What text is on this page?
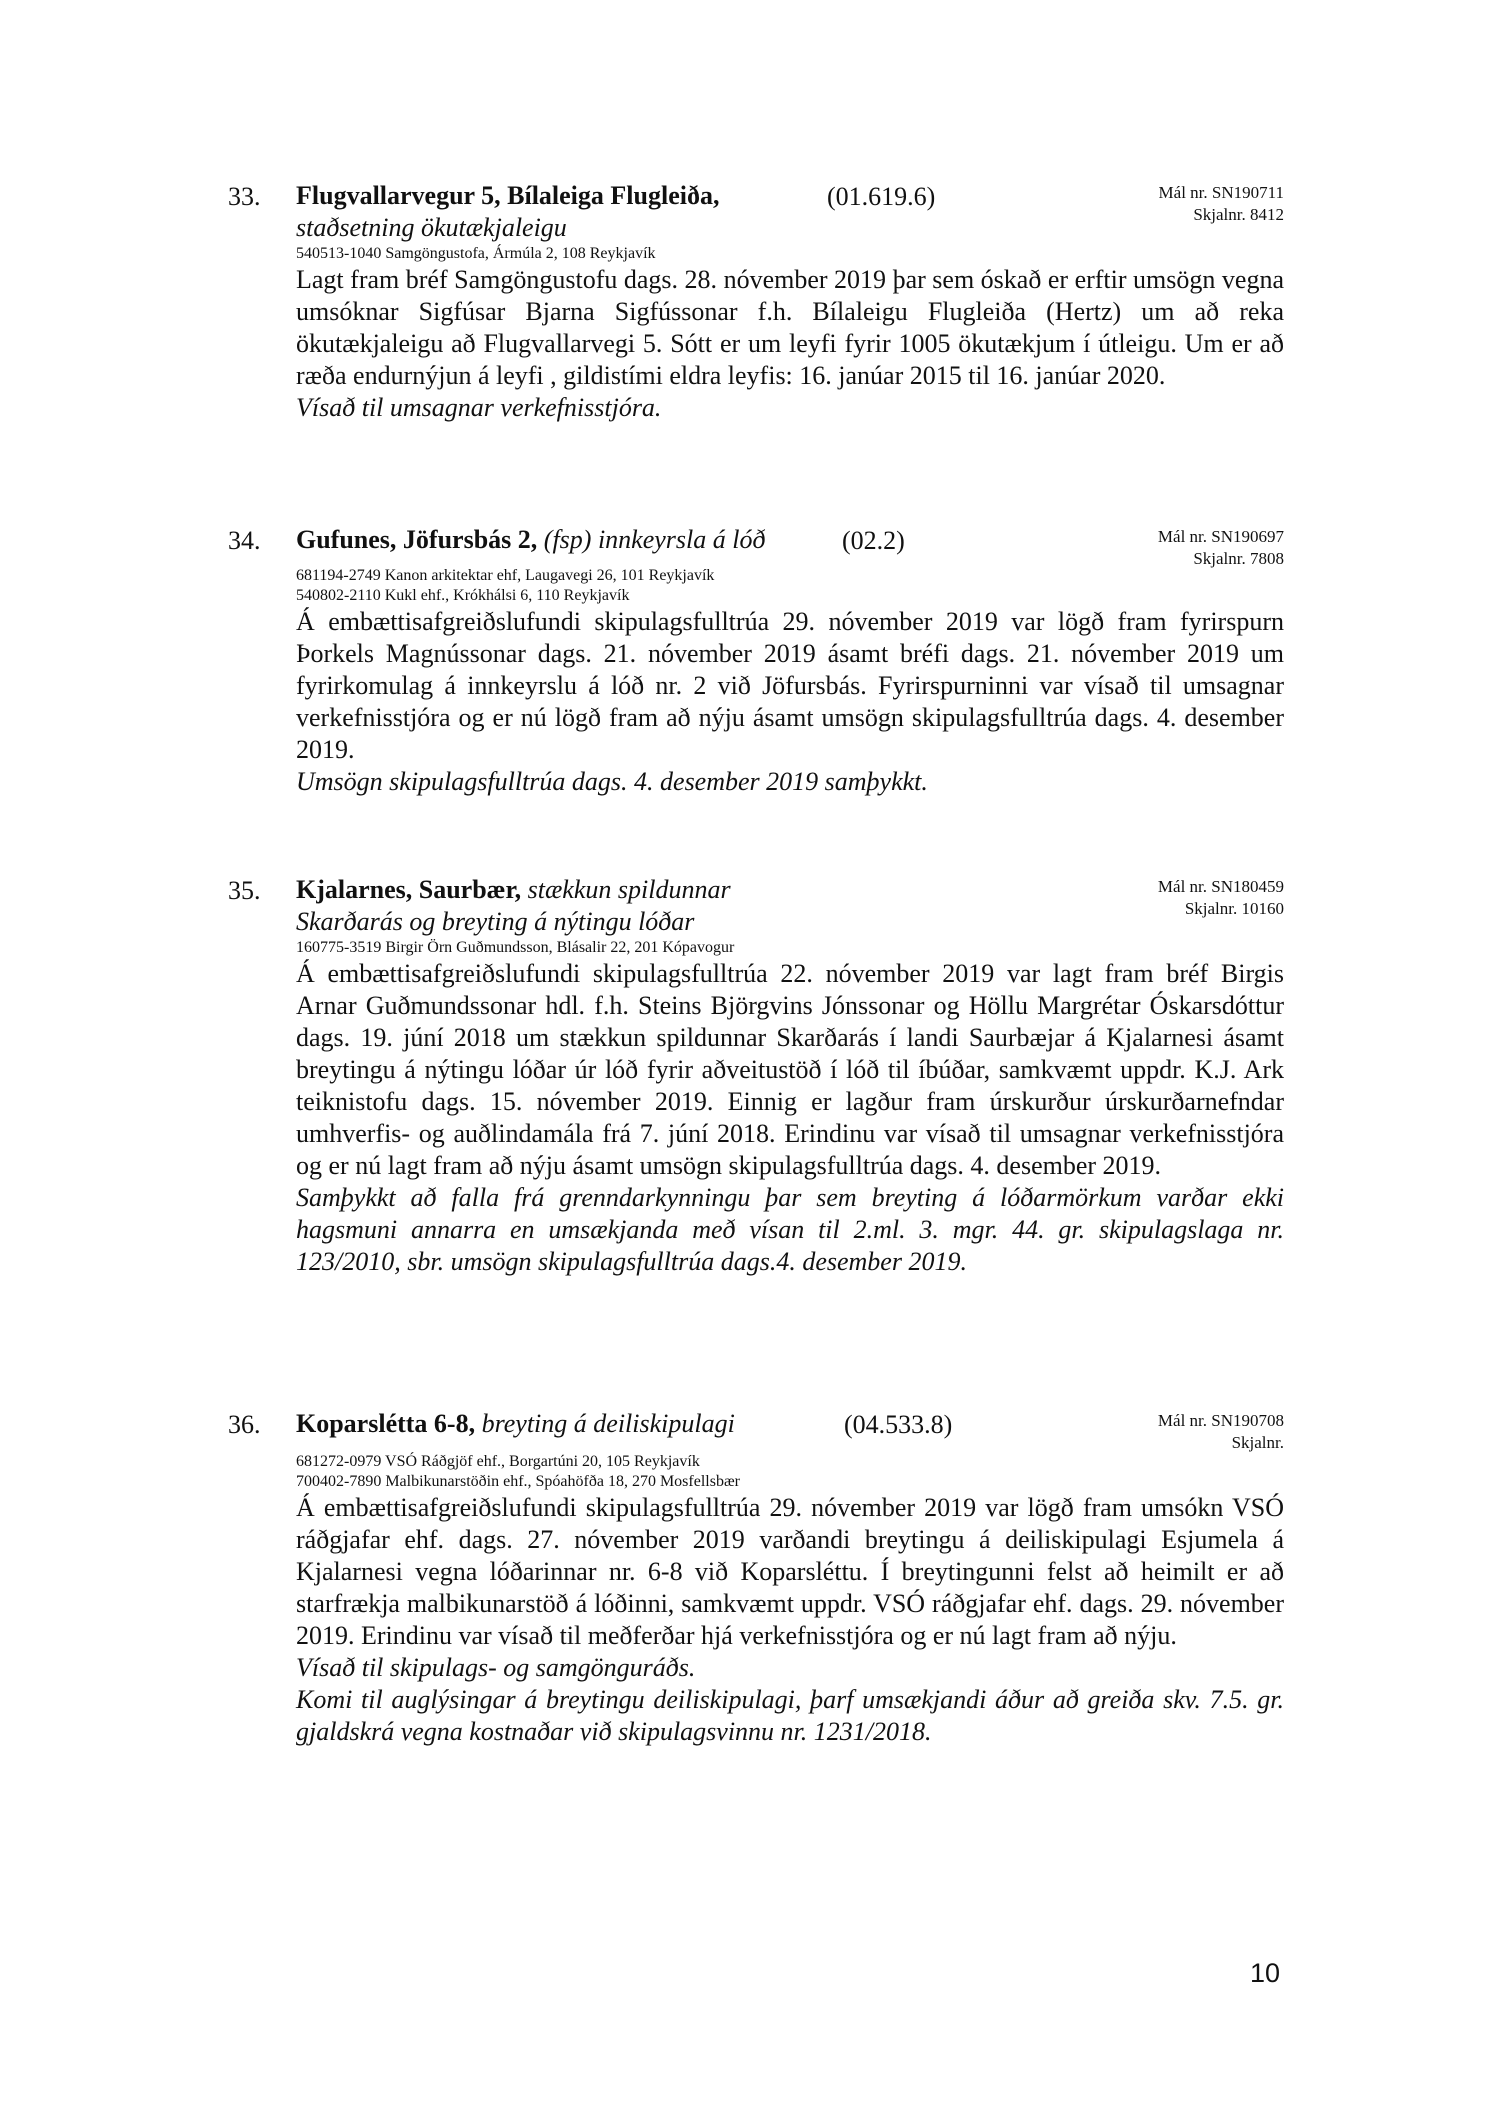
33. Flugvallarvegur 5, Bílaleiga Flugleiða,	(01.619.6)	Mál nr. SN190711
Skjalnr. 8412
staðsetning ökutækjaleigu
540513-1040 Samgöngustofa, Ármúla 2, 108 Reykjavík
Lagt fram bréf Samgöngustofu dags. 28. nóvember 2019 þar sem óskað er erftir umsögn vegna umsóknar Sigfúsar Bjarna Sigfússonar f.h. Bílaleigu Flugleiða (Hertz) um að reka ökutækjaleigu að Flugvallarvegi 5. Sótt er um leyfi fyrir 1005 ökutækjum í útleigu. Um er að ræða endurnýjun á leyfi , gildistími eldra leyfis: 16. janúar 2015 til 16. janúar 2020.
Vísað til umsagnar verkefnisstjóra.
34. Gufunes, Jöfursbás 2, (fsp) innkeyrsla á lóð	(02.2)	Mál nr. SN190697
Skjalnr. 7808
681194-2749 Kanon arkitektar ehf, Laugavegi 26, 101 Reykjavík
540802-2110 Kukl ehf., Krókhálsi 6, 110 Reykjavík
Á embættisafgreiðslufundi skipulagsfulltrúa 29. nóvember 2019 var lögð fram fyrirspurn Þorkels Magnússonar dags. 21. nóvember 2019 ásamt bréfi dags. 21. nóvember 2019 um fyrirkomulag á innkeyrslu á lóð nr. 2 við Jöfursbás. Fyrirspurninni var vísað til umsagnar verkefnisstjóra og er nú lögð fram að nýju ásamt umsögn skipulagsfulltrúa dags. 4. desember 2019.
Umsögn skipulagsfulltrúa dags. 4. desember 2019 samþykkt.
35. Kjalarnes, Saurbær, stækkun spildunnar	Mál nr. SN180459
Skjalnr. 10160
Skarðarás og breyting á nýtingu lóðar
160775-3519 Birgir Örn Guðmundsson, Blásalir 22, 201 Kópavogur
Á embættisafgreiðslufundi skipulagsfulltrúa 22. nóvember 2019 var lagt fram bréf Birgis Arnar Guðmundssonar hdl. f.h. Steins Björgvins Jónssonar og Höllu Margrétar Óskarsdóttur dags. 19. júní 2018 um stækkun spildunnar Skarðarás í landi Saurbæjar á Kjalarnesi ásamt breytingu á nýtingu lóðar úr lóð fyrir aðveitustöð í lóð til íbúðar, samkvæmt uppdr. K.J. Ark teiknistofu dags. 15. nóvember 2019. Einnig er lagður fram úrskurður úrskurðarnefndar umhverfis- og auðlindamála frá 7. júní 2018. Erindinu var vísað til umsagnar verkefnisstjóra og er nú lagt fram að nýju ásamt umsögn skipulagsfulltrúa dags. 4. desember 2019.
Samþykkt að falla frá grenndarkynningu þar sem breyting á lóðarmörkum varðar ekki hagsmuni annarra en umsækjanda með vísan til 2.ml. 3. mgr. 44. gr. skipulagslaga nr. 123/2010, sbr. umsögn skipulagsfulltrúa dags.4. desember 2019.
36. Koparslétta 6-8, breyting á deiliskipulagi	(04.533.8)	Mál nr. SN190708
Skjalnr.
681272-0979 VSÓ Ráðgjöf ehf., Borgartúni 20, 105 Reykjavík
700402-7890 Malbikunarstöðin ehf., Spóahöfða 18, 270 Mosfellsbær
Á embættisafgreiðslufundi skipulagsfulltrúa 29. nóvember 2019 var lögð fram umsókn VSÓ ráðgjafar ehf. dags. 27. nóvember 2019 varðandi breytingu á deiliskipulagi Esjumela á Kjalarnesi vegna lóðarinnar nr. 6-8 við Koparsléttu. Í breytingunni felst að heimilt er að starfrækja malbikunarstöð á lóðinni, samkvæmt uppdr. VSÓ ráðgjafar ehf. dags. 29. nóvember 2019. Erindinu var vísað til meðferðar hjá verkefnisstjóra og er nú lagt fram að nýju.
Vísað til skipulags- og samgönguráðs.
Komi til auglýsingar á breytingu deiliskipulagi, þarf umsækjandi áður að greiða skv. 7.5. gr. gjaldskrá vegna kostnaðar við skipulagsvinnu nr. 1231/2018.
10
